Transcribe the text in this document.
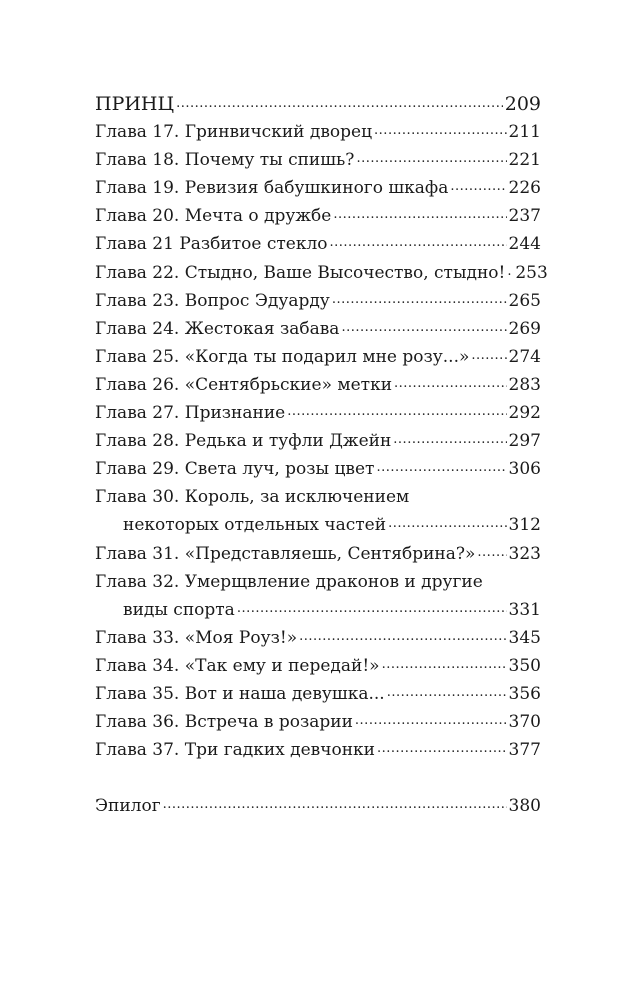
ПРИНЦ .....	209
Глава 17. Гринвичский дворец .....	211
Глава 18. Почему ты спишь? .....	221
Глава 19. Ревизия бабушкиного шкафа .....	226
Глава 20. Мечта о дружбе .....	237
Глава 21 Разбитое стекло .....	244
Глава 22. Стыдно, Ваше Высочество, стыдно! ..... 253
Глава 23. Вопрос Эдуарду .....	265
Глава 24. Жестокая забава .....	269
Глава 25. «Когда ты подарил мне розу...» ..... 274
Глава 26. «Сентябрьские» метки .....	283
Глава 27. Признание .....	292
Глава 28. Редька и туфли Джейн .....	297
Глава 29. Света луч, розы цвет .....	306
Глава 30. Король, за исключением
некоторых отдельных частей .....	312
Глава 31. «Представляешь, Сентябрина?» ..... 323
Глава 32. Умерщвление драконов и другие
виды спорта .....	331
Глава 33. «Моя Роуз!» .....	345
Глава 34. «Так ему и передай!» .....	350
Глава 35. Вот и наша девушка... .....	356
Глава 36. Встреча в розарии .....	370
Глава 37. Три гадких девчонки .....	377
Эпилог .....	380
